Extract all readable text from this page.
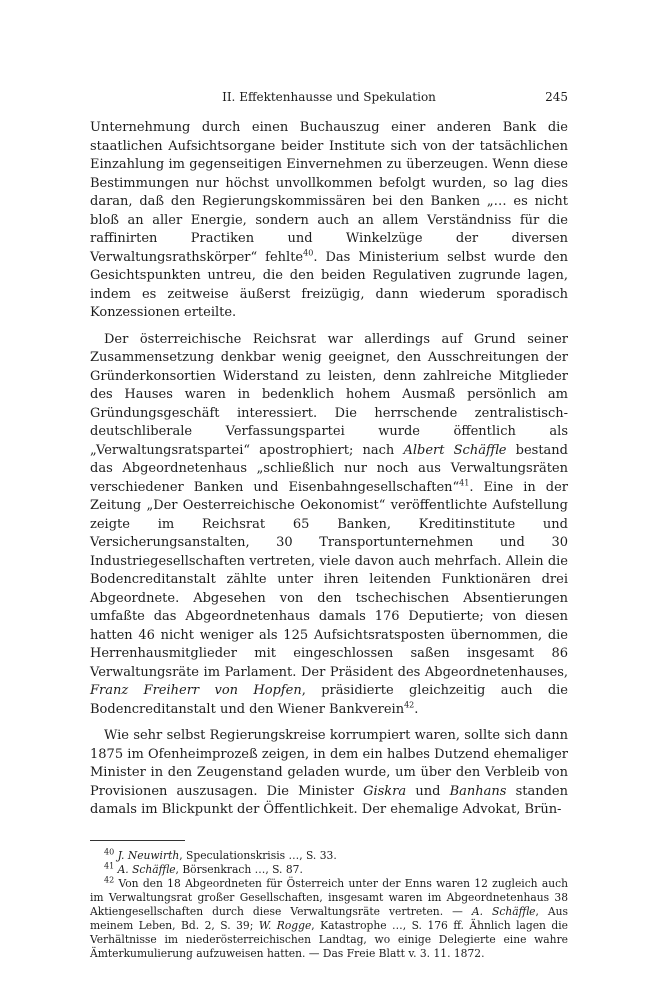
II. Effektenhausse und Spekulation	245

Unternehmung durch einen Buchauszug einer anderen Bank die staatlichen Aufsichtsorgane beider Institute sich von der tatsächlichen Einzahlung im gegenseitigen Einvernehmen zu überzeugen. Wenn diese Bestimmungen nur höchst unvollkommen befolgt wurden, so lag dies daran, daß den Regierungskommissären bei den Banken „… es nicht bloß an aller Energie, sondern auch an allem Verständniss für die raffinirten Practiken und Winkelzüge der diversen Verwaltungsrathskörper“ fehlte$^{40}$. Das Ministerium selbst wurde den Gesichtspunkten untreu, die den beiden Regulativen zugrunde lagen, indem es zeitweise äußerst freizügig, dann wiederum sporadisch Konzessionen erteilte.

Der österreichische Reichsrat war allerdings auf Grund seiner Zusammensetzung denkbar wenig geeignet, den Ausschreitungen der Gründerkonsortien Widerstand zu leisten, denn zahlreiche Mitglieder des Hauses waren in bedenklich hohem Ausmaß persönlich am Gründungsgeschäft interessiert. Die herrschende zentralistisch-deutschliberale Verfassungspartei wurde öffentlich als „Verwaltungsratspartei“ apostrophiert; nach Albert Schäffle bestand das Abgeordnetenhaus „schließlich nur noch aus Verwaltungsräten verschiedener Banken und Eisenbahngesellschaften“$^{41}$. Eine in der Zeitung „Der Oesterreichische Oekonomist“ veröffentlichte Aufstellung zeigte im Reichsrat 65 Banken, Kreditinstitute und Versicherungsanstalten, 30 Transportunternehmen und 30 Industriegesellschaften vertreten, viele davon auch mehrfach. Allein die Bodencreditanstalt zählte unter ihren leitenden Funktionären drei Abgeordnete. Abgesehen von den tschechischen Absentierungen umfaßte das Abgeordnetenhaus damals 176 Deputierte; von diesen hatten 46 nicht weniger als 125 Aufsichtsratsposten übernommen, die Herrenhausmitglieder mit eingeschlossen saßen insgesamt 86 Verwaltungsräte im Parlament. Der Präsident des Abgeordnetenhauses, Franz Freiherr von Hopfen, präsidierte gleichzeitig auch die Bodencreditanstalt und den Wiener Bankverein$^{42}$.

Wie sehr selbst Regierungskreise korrumpiert waren, sollte sich dann 1875 im Ofenheimprozeß zeigen, in dem ein halbes Dutzend ehemaliger Minister in den Zeugenstand geladen wurde, um über den Verbleib von Provisionen auszusagen. Die Minister Giskra und Banhans standen damals im Blickpunkt der Öffentlichkeit. Der ehemalige Advokat, Brün-

$^{40}$ J. Neuwirth, Speculationskrisis …, S. 33.

$^{41}$ A. Schäffle, Börsenkrach …, S. 87.

$^{42}$ Von den 18 Abgeordneten für Österreich unter der Enns waren 12 zugleich auch im Verwaltungsrat großer Gesellschaften, insgesamt waren im Abgeordnetenhaus 38 Aktiengesellschaften durch diese Verwaltungsräte vertreten. — A. Schäffle, Aus meinem Leben, Bd. 2, S. 39; W. Rogge, Katastrophe …, S. 176 ff. Ähnlich lagen die Verhältnisse im niederösterreichischen Landtag, wo einige Delegierte eine wahre Ämterkumulierung aufzuweisen hatten. — Das Freie Blatt v. 3. 11. 1872.
